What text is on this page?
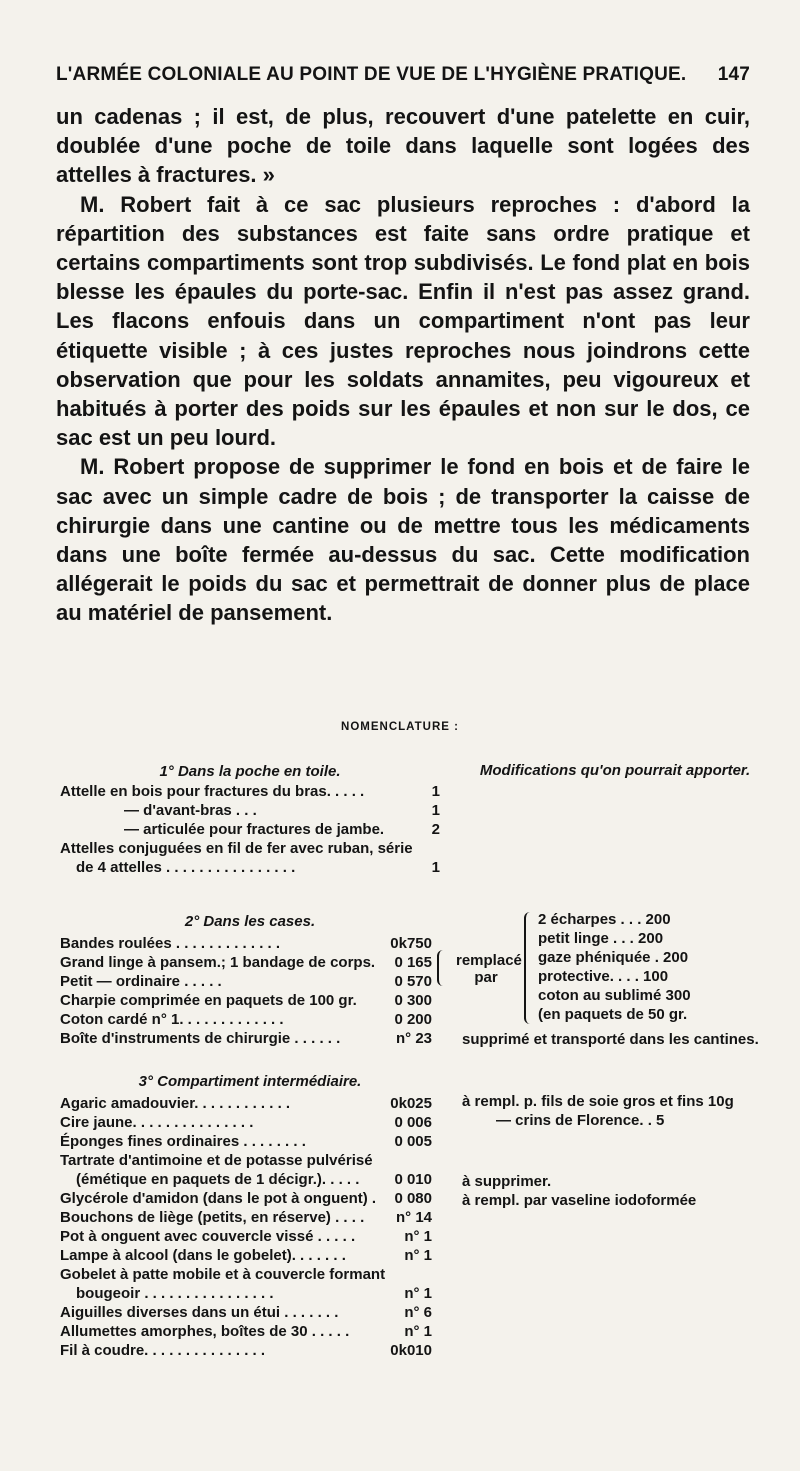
L'ARMÉE COLONIALE AU POINT DE VUE DE L'HYGIÈNE PRATIQUE. 147

un cadenas ; il est, de plus, recouvert d'une patelette en cuir, doublée d'une poche de toile dans laquelle sont logées des attelles à fractures. »

M. Robert fait à ce sac plusieurs reproches : d'abord la répartition des substances est faite sans ordre pratique et certains compartiments sont trop subdivisés. Le fond plat en bois blesse les épaules du porte-sac. Enfin il n'est pas assez grand. Les flacons enfouis dans un compartiment n'ont pas leur étiquette visible ; à ces justes reproches nous joindrons cette observation que pour les soldats annamites, peu vigoureux et habitués à porter des poids sur les épaules et non sur le dos, ce sac est un peu lourd.

M. Robert propose de supprimer le fond en bois et de faire le sac avec un simple cadre de bois ; de transporter la caisse de chirurgie dans une cantine ou de mettre tous les médicaments dans une boîte fermée au-dessus du sac. Cette modification allégerait le poids du sac et permettrait de donner plus de place au matériel de pansement.

NOMENCLATURE :
1° Dans la poche en toile.	Modifications qu'on pourrait apporter.
Attelle en bois pour fractures du bras. . . . .	1
— d'avant-bras . . .	1
— articulée pour fractures de jambe.	2
Attelles conjuguées en fil de fer avec ruban, série
de 4 attelles . . . . . . . . . . . . . . . .	1
2° Dans les cases.
Bandes roulées . . . . . . . . . . . . .	0k750
Grand linge à pansem.; 1 bandage de corps. 0 165
Petit — ordinaire . . . . .	0 570
Charpie comprimée en paquets de 100 gr.	0 300
Coton cardé n° 1. . . . . . . . . . . . .	0 200
Boîte d'instruments de chirurgie . . . . . .	n° 23
remplacé par
2 écharpes . . . 200
petit linge . . . 200
gaze phéniquée . 200
protective. . . . 100
coton au sublimé 300
(en paquets de 50 gr.
supprimé et transporté dans les cantines.
3° Compartiment intermédiaire.
Agaric amadouvier. . . . . . . . . . . .	0k025
Cire jaune. . . . . . . . . . . . . . .	0 006
Éponges fines ordinaires . . . . . . . .	0 005
Tartrate d'antimoine et de potasse pulvérisé
(émétique en paquets de 1 décigr.). . . . . 0 010
Glycérole d'amidon (dans le pot à onguent) . 0 080
Bouchons de liège (petits, en réserve) . . . . n° 14
Pot à onguent avec couvercle vissé . . . . .	n° 1
Lampe à alcool (dans le gobelet). . . . . . .	n° 1
Gobelet à patte mobile et à couvercle formant
bougeoir . . . . . . . . . . . . . . . .	n° 1
Aiguilles diverses dans un étui . . . . . . .	n° 6
Allumettes amorphes, boîtes de 30 . . . . .	n° 1
Fil à coudre. . . . . . . . . . . . . . .	0k010
à rempl. p. fils de soie gros et fins 10g
— crins de Florence. . 5
à supprimer.
à rempl. par vaseline iodoformée
